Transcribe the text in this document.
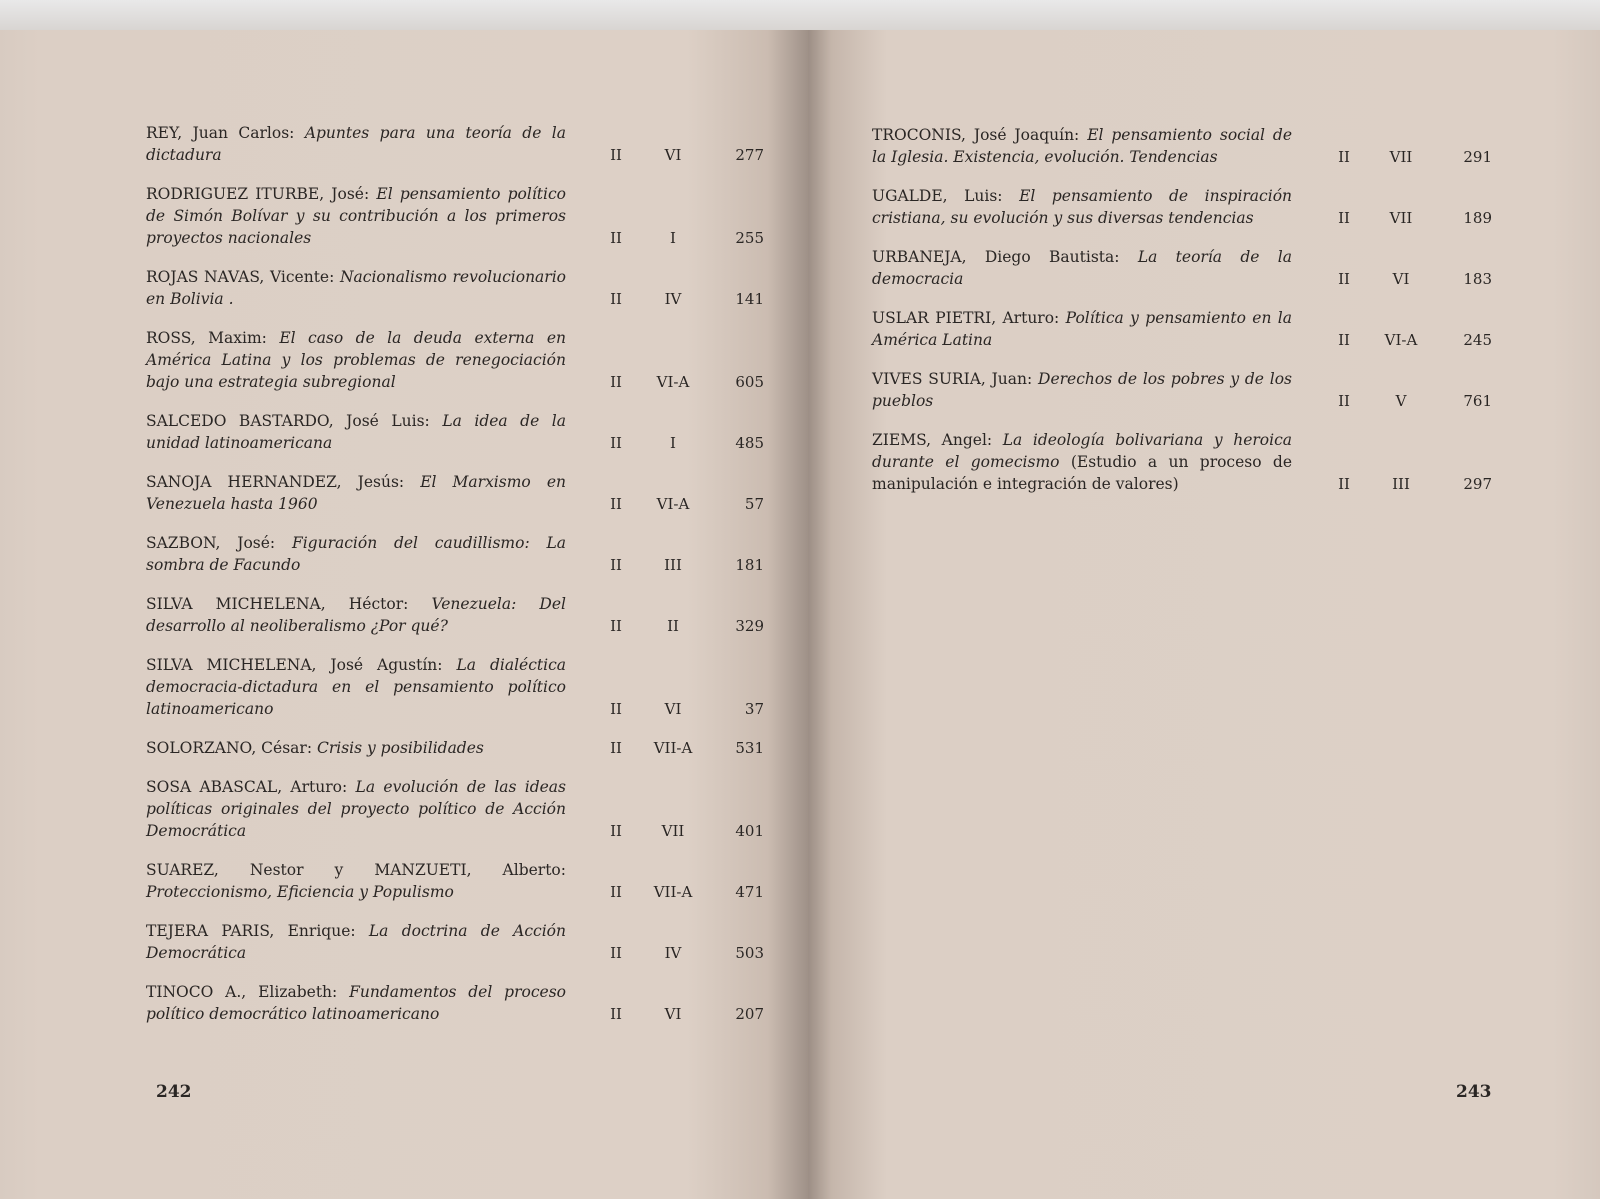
REY, Juan Carlos: Apuntes para una teoría de la dictadura	II	VI	277
RODRIGUEZ ITURBE, José: El pensamiento político de Simón Bolívar y su contribución a los primeros proyectos nacionales	II	I	255
ROJAS NAVAS, Vicente: Nacionalismo revolucionario en Bolivia .	II	IV	141
ROSS, Maxim: El caso de la deuda externa en América Latina y los problemas de renegociación bajo una estrategia subregional	II	VI-A	605
SALCEDO BASTARDO, José Luis: La idea de la unidad latinoamericana	II	I	485
SANOJA HERNANDEZ, Jesús: El Marxismo en Venezuela hasta 1960	II	VI-A	57
SAZBON, José: Figuración del caudillismo: La sombra de Facundo	II	III	181
SILVA MICHELENA, Héctor: Venezuela: Del desarrollo al neoliberalismo ¿Por qué?	II	II	329
SILVA MICHELENA, José Agustín: La dialéctica democracia-dictadura en el pensamiento político latinoamericano	II	VI	37
SOLORZANO, César: Crisis y posibilidades	II	VII-A	531
SOSA ABASCAL, Arturo: La evolución de las ideas políticas originales del proyecto político de Acción Democrática	II	VII	401
SUAREZ, Nestor y MANZUETI, Alberto: Proteccionismo, Eficiencia y Populismo	II	VII-A	471
TEJERA PARIS, Enrique: La doctrina de Acción Democrática	II	IV	503
TINOCO A., Elizabeth: Fundamentos del proceso político democrático latinoamericano	II	VI	207
242
TROCONIS, José Joaquín: El pensamiento social de la Iglesia. Existencia, evolución. Tendencias	II	VII	291
UGALDE, Luis: El pensamiento de inspiración cristiana, su evolución y sus diversas tendencias	II	VII	189
URBANEJA, Diego Bautista: La teoría de la democracia	II	VI	183
USLAR PIETRI, Arturo: Política y pensamiento en la América Latina	II	VI-A	245
VIVES SURIA, Juan: Derechos de los pobres y de los pueblos	II	V	761
ZIEMS, Angel: La ideología bolivariana y heroica durante el gomecismo (Estudio a un proceso de manipulación e integración de valores)	II	III	297
243
